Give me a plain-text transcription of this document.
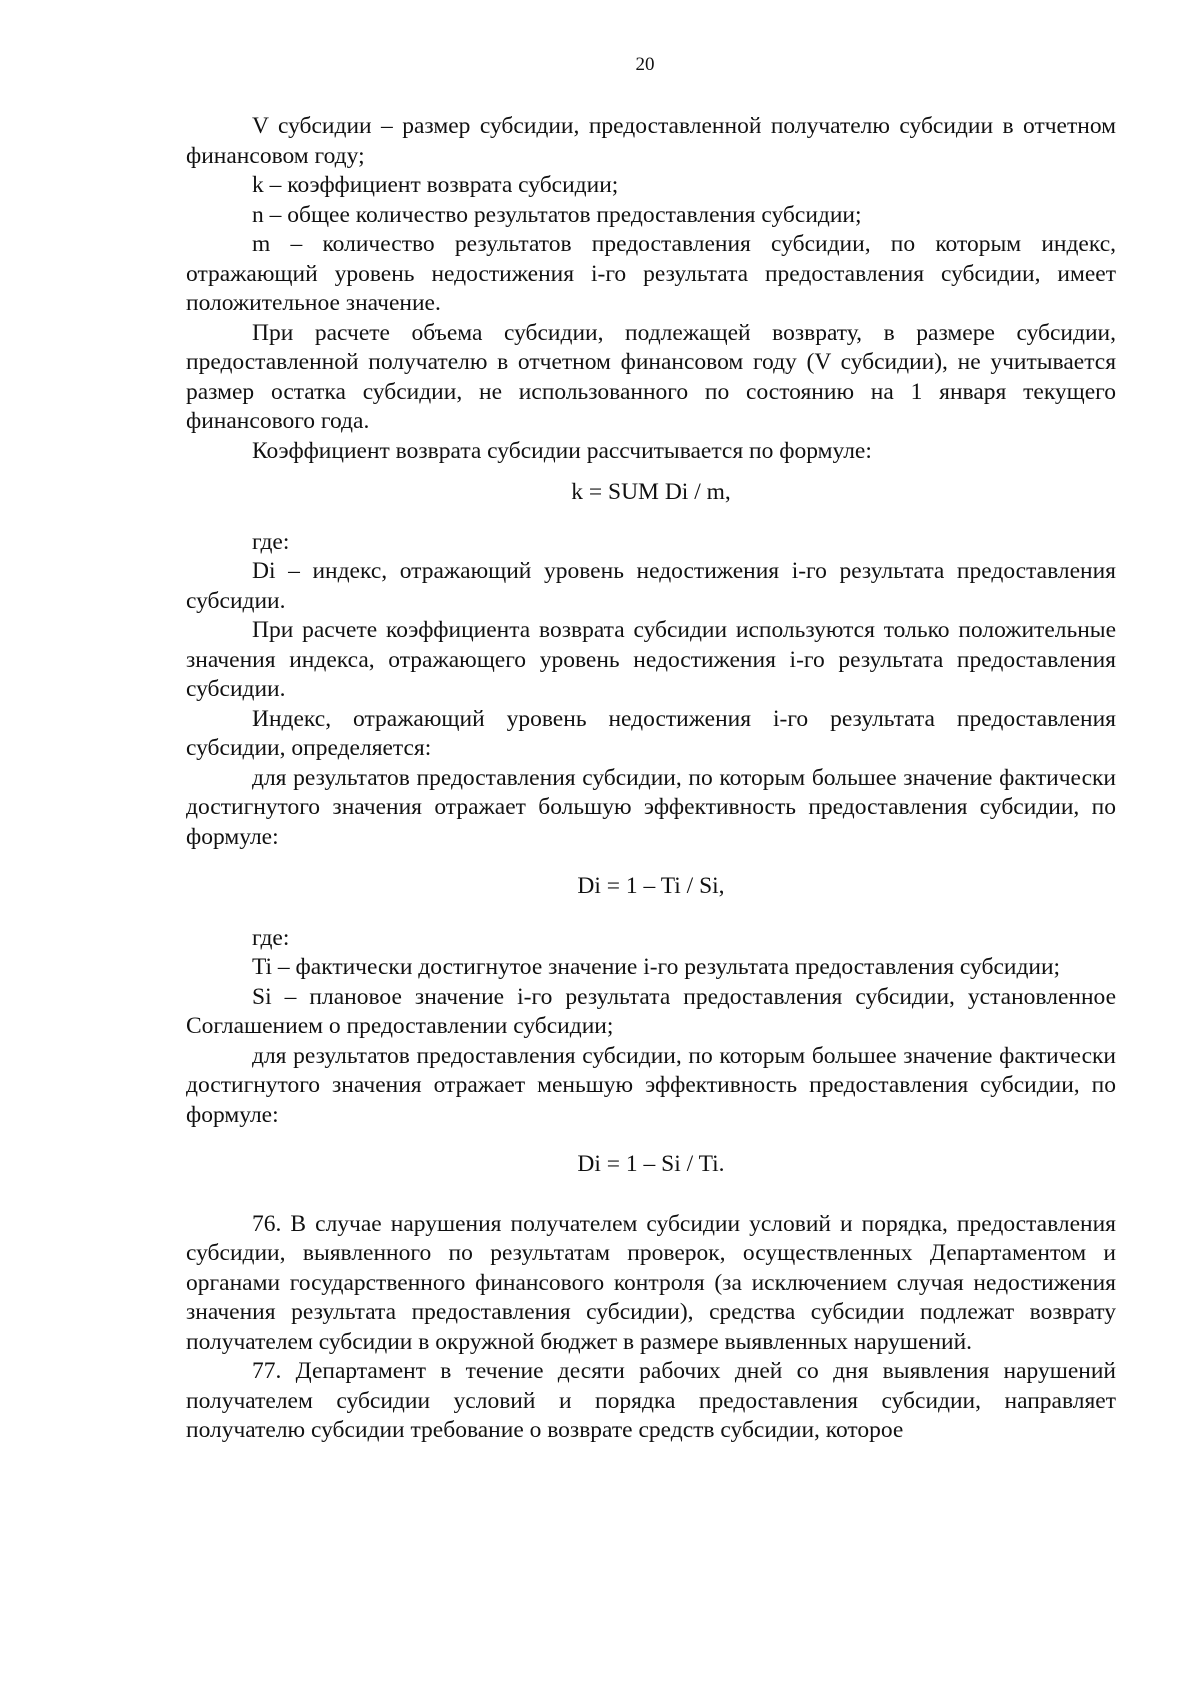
20

V субсидии – размер субсидии, предоставленной получателю субсидии в отчетном финансовом году;

k – коэффициент возврата субсидии;

n – общее количество результатов предоставления субсидии;

m – количество результатов предоставления субсидии, по которым индекс, отражающий уровень недостижения i-го результата предоставления субсидии, имеет положительное значение.

При расчете объема субсидии, подлежащей возврату, в размере субсидии, предоставленной получателю в отчетном финансовом году (V субсидии), не учитывается размер остатка субсидии, не использованного по состоянию на 1 января текущего финансового года.

Коэффициент возврата субсидии рассчитывается по формуле:

k = SUM Di / m,

где:

Di – индекс, отражающий уровень недостижения i-го результата предоставления субсидии.

При расчете коэффициента возврата субсидии используются только положительные значения индекса, отражающего уровень недостижения i-го результата предоставления субсидии.

Индекс, отражающий уровень недостижения i-го результата предоставления субсидии, определяется:

для результатов предоставления субсидии, по которым большее значение фактически достигнутого значения отражает большую эффективность предоставления субсидии, по формуле:

Di = 1 – Ti / Si,

где:

Ti – фактически достигнутое значение i-го результата предоставления субсидии;

Si – плановое значение i-го результата предоставления субсидии, установленное Соглашением о предоставлении субсидии;

для результатов предоставления субсидии, по которым большее значение фактически достигнутого значения отражает меньшую эффективность предоставления субсидии, по формуле:

Di = 1 – Si / Ti.

76. В случае нарушения получателем субсидии условий и порядка, предоставления субсидии, выявленного по результатам проверок, осуществленных Департаментом и органами государственного финансового контроля (за исключением случая недостижения значения результата предоставления субсидии), средства субсидии подлежат возврату получателем субсидии в окружной бюджет в размере выявленных нарушений.

77. Департамент в течение десяти рабочих дней со дня выявления нарушений получателем субсидии условий и порядка предоставления субсидии, направляет получателю субсидии требование о возврате средств субсидии, которое
